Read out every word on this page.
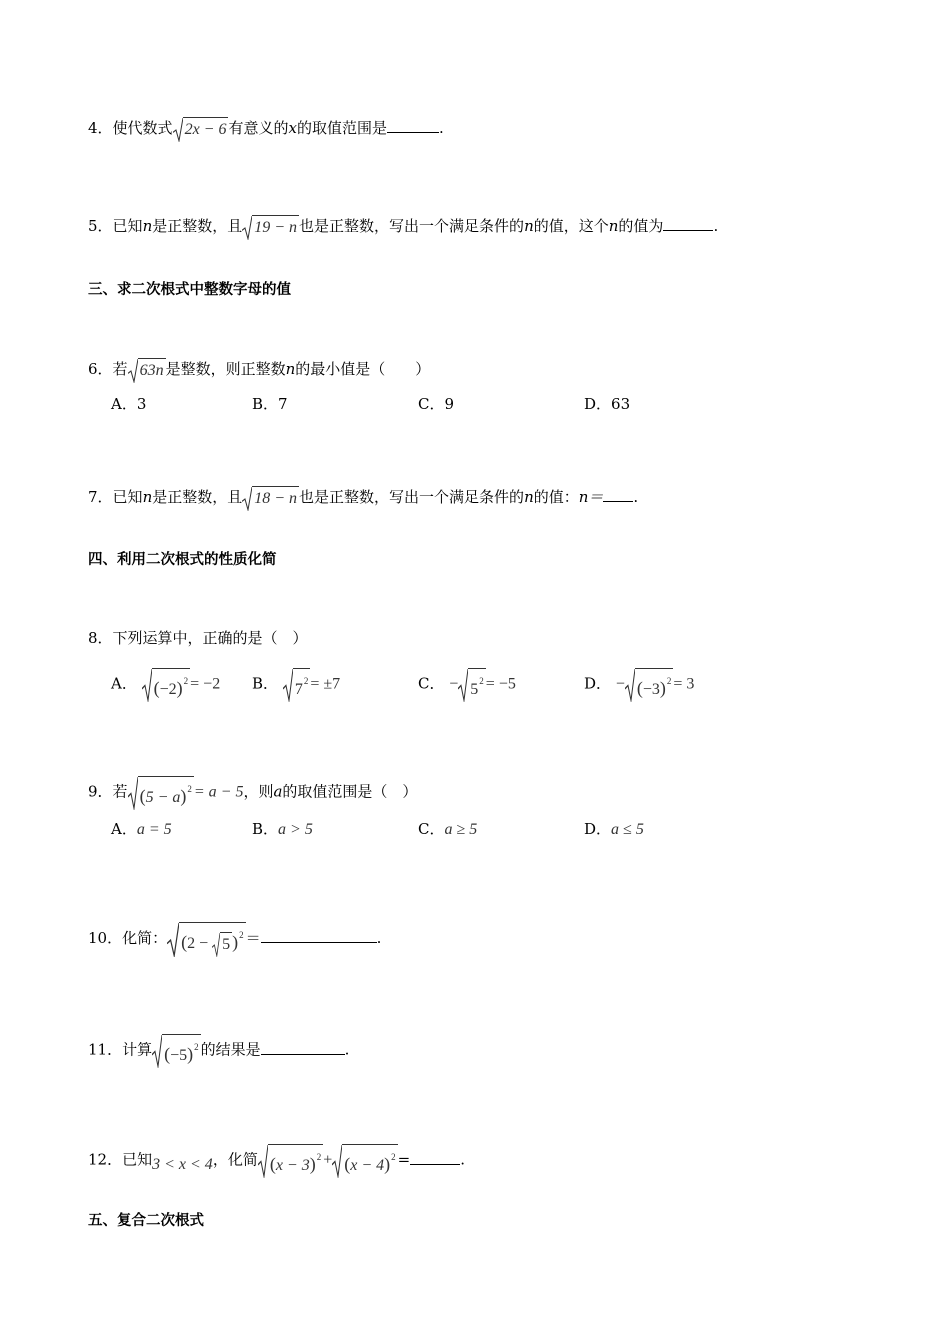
4．使代数式 2x − 6 有意义的x的取值范围是	.
5．已知n是正整数，且 19 − n 也是正整数，写出一个满足条件的n的值，这个n的值为	.
三、求二次根式中整数字母的值
6．若 63n 是整数，则正整数n的最小值是（　　）
A．3	B．7	C．9	D．63
7．已知n是正整数，且 18 − n 也是正整数，写出一个满足条件的n的值：n＝ .
四、利用二次根式的性质化简
8．下列运算中，正确的是（　）
A． $(-2)^2 = -2$ B． $7^2 = \pm 7$	C． − $5^2 = -5$	D． − $(-3)^2 = 3$
9．若 $(5 - a)^2 = a - 5$，则a的取值范围是（　）
A．a = 5	B．a > 5	C．a ≥ 5	D．a ≤ 5
10．化简： (2 − 5 )$^2$ ＝	.
11．计算 $(-5)^2$ 的结果是	.
12．已知3 < x < 4，化简 $(x - 3)^2 + (x - 4)^2$ =	.
五、复合二次根式
